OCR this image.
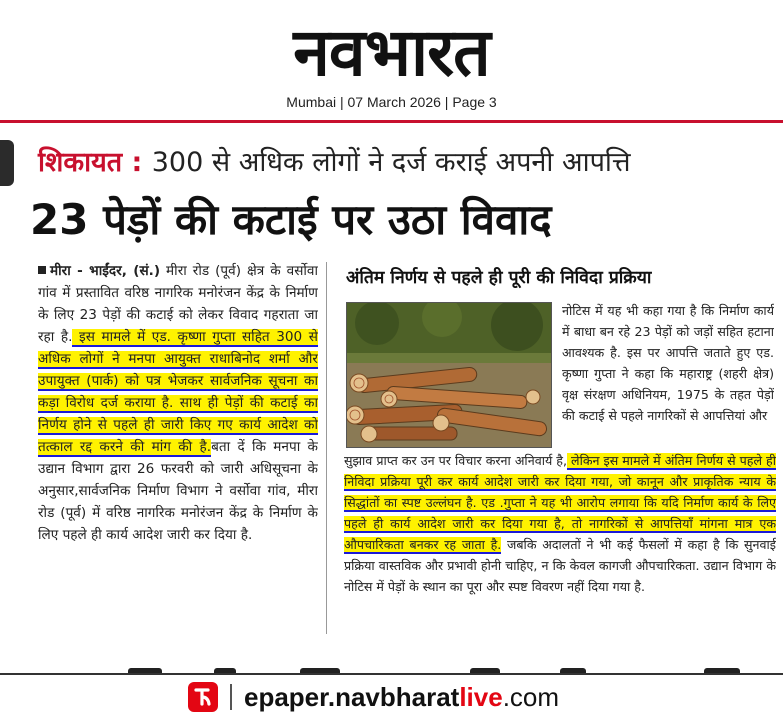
नवभारत
Mumbai | 07 March 2026 | Page 3
शिकायत : 300 से अधिक लोगों ने दर्ज कराई अपनी आपत्ति
23 पेड़ों की कटाई पर उठा विवाद

मीरा - भाईंदर, (सं.) मीरा रोड (पूर्व) क्षेत्र के वर्सोवा गांव में प्रस्तावित वरिष्ठ नागरिक मनोरंजन केंद्र के निर्माण के लिए 23 पेड़ों की कटाई को लेकर विवाद गहराता जा रहा है. इस मामले में एड. कृष्णा गुप्ता सहित 300 से अधिक लोगों ने मनपा आयुक्त राधाबिनोद शर्मा और उपायुक्त (पार्क) को पत्र भेजकर सार्वजनिक सूचना का कड़ा विरोध दर्ज कराया है. साथ ही पेड़ों की कटाई का निर्णय होने से पहले ही जारी किए गए कार्य आदेश को तत्काल रद्द करने की मांग की है.बता दें कि मनपा के उद्यान विभाग द्वारा 26 फरवरी को जारी अधिसूचना के अनुसार,सार्वजनिक निर्माण विभाग ने वर्सोवा गांव, मीरा रोड (पूर्व) में वरिष्ठ नागरिक मनोरंजन केंद्र के निर्माण के लिए पहले ही कार्य आदेश जारी कर दिया है.

अंतिम निर्णय से पहले ही पूरी की निविदा प्रक्रिया

नोटिस में यह भी कहा गया है कि निर्माण कार्य में बाधा बन रहे 23 पेड़ों को जड़ों सहित हटाना आवश्यक है. इस पर आपत्ति जताते हुए एड. कृष्णा गुप्ता ने कहा कि महाराष्ट्र (शहरी क्षेत्र) वृक्ष संरक्षण अधिनियम, 1975 के तहत पेड़ों की कटाई से पहले नागरिकों से आपत्तियां और

सुझाव प्राप्त कर उन पर विचार करना अनिवार्य है, लेकिन इस मामले में अंतिम निर्णय से पहले ही निविदा प्रक्रिया पूरी कर कार्य आदेश जारी कर दिया गया, जो कानून और प्राकृतिक न्याय के सिद्धांतों का स्पष्ट उल्लंघन है. एड .गुप्ता ने यह भी आरोप लगाया कि यदि निर्माण कार्य के लिए पहले ही कार्य आदेश जारी कर दिया गया है, तो नागरिकों से आपत्तियाँ मांगना मात्र एक औपचारिकता बनकर रह जाता है. जबकि अदालतों ने भी कई फैसलों में कहा है कि सुनवाई प्रक्रिया वास्तविक और प्रभावी होनी चाहिए, न कि केवल कागजी औपचारिकता. उद्यान विभाग के नोटिस में पेड़ों के स्थान का पूरा और स्पष्ट विवरण नहीं दिया गया है.

epaper.navbharatlive.com
